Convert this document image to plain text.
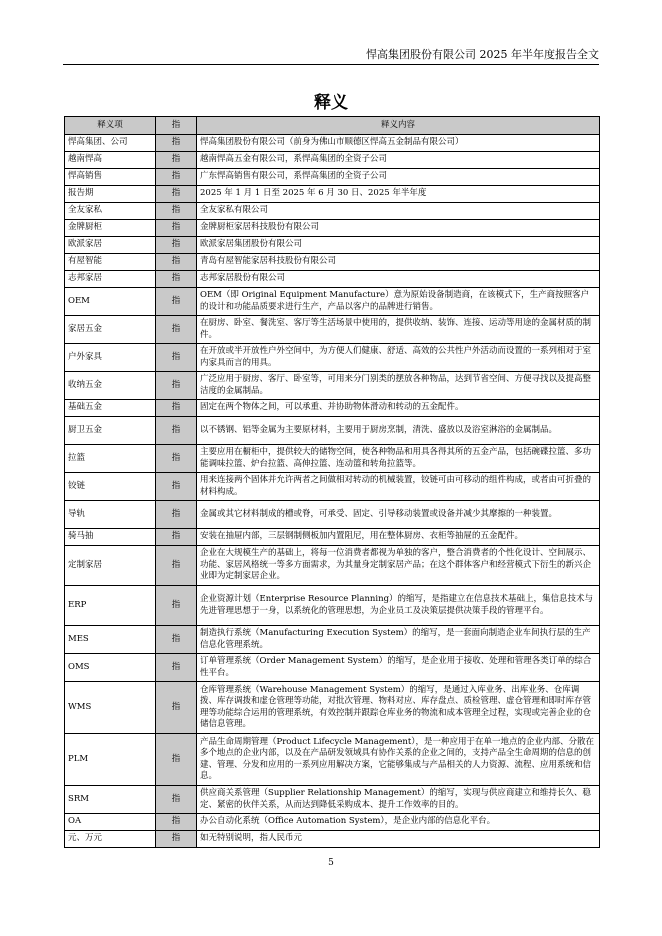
悍高集团股份有限公司 2025 年半年度报告全文
释义
释义项	指	释义内容
悍高集团、公司	指	悍高集团股份有限公司（前身为佛山市顺德区悍高五金制品有限公司）
越南悍高	指	越南悍高五金有限公司，系悍高集团的全资子公司
悍高销售	指	广东悍高销售有限公司，系悍高集团的全资子公司
报告期	指	2025 年 1 月 1 日至 2025 年 6 月 30 日、2025 年半年度
全友家私	指	全友家私有限公司
金牌厨柜	指	金牌厨柜家居科技股份有限公司
欧派家居	指	欧派家居集团股份有限公司
有屋智能	指	青岛有屋智能家居科技股份有限公司
志邦家居	指	志邦家居股份有限公司
OEM	指	OEM（即 Original Equipment Manufacture）意为原始设备制造商，在该模式下，生产商按照客户的设计和功能品质要求进行生产，产品以客户的品牌进行销售。
家居五金	指	在厨房、卧室、餐洗室、客厅等生活场景中使用的，提供收纳、装饰、连接、运动等用途的金属材质的制件。
户外家具	指	在开放或半开放性户外空间中，为方便人们健康、舒适、高效的公共性户外活动而设置的一系列相对于室内家具而言的用具。
收纳五金	指	广泛应用于厨房、客厅、卧室等，可用来分门别类的摆放各种物品，达到节省空间、方便寻找以及提高整洁度的金属制品。
基础五金	指	固定在两个物体之间，可以承重、并协助物体滑动和转动的五金配件。
厨卫五金	指	以不锈钢、铝等金属为主要原材料，主要用于厨房烹制，清洗、盛放以及浴室淋浴的金属制品。
拉篮	指	主要应用在橱柜中，提供较大的储物空间，使各种物品和用具各得其所的五金产品，包括碗碟拉篮、多功能调味拉篮、炉台拉篮、高伸拉篮、连动篮和转角拉篮等。
铰链	指	用来连接两个固体并允许两者之间做相对转动的机械装置，铰链可由可移动的组件构成，或者由可折叠的材料构成。
导轨	指	金属或其它材料制成的槽或脊，可承受、固定、引导移动装置或设备并减少其摩擦的一种装置。
骑马抽	指	安装在抽屉内部，三层钢制侧板加内置阻尼，用在整体厨房、衣柜等抽屉的五金配件。
定制家居	指	企业在大规模生产的基础上，将每一位消费者都视为单独的客户，整合消费者的个性化设计、空间展示、功能、家居风格统一等多方面需求，为其量身定制家居产品；在这个群体客户和经营模式下衍生的新兴企业即为定制家居企业。
ERP	指	企业资源计划（Enterprise Resource Planning）的缩写，是指建立在信息技术基础上，集信息技术与先进管理思想于一身，以系统化的管理思想，为企业员工及决策层提供决策手段的管理平台。
MES	指	制造执行系统（Manufacturing Execution System）的缩写，是一套面向制造企业车间执行层的生产信息化管理系统。
OMS	指	订单管理系统（Order Management System）的缩写，是企业用于接收、处理和管理各类订单的综合性平台。
WMS	指	仓库管理系统（Warehouse Management System）的缩写，是通过入库业务、出库业务、仓库调拨、库存调拨和虚仓管理等功能，对批次管理、物料对应、库存盘点、质检管理、虚仓管理和即时库存管理等功能综合运用的管理系统，有效控制并跟踪仓库业务的物流和成本管理全过程，实现或完善企业的仓储信息管理。
PLM	指	产品生命周期管理（Product Lifecycle Management），是一种应用于在单一地点的企业内部、分散在多个地点的企业内部，以及在产品研发领域具有协作关系的企业之间的，支持产品全生命周期的信息的创建、管理、分发和应用的一系列应用解决方案，它能够集成与产品相关的人力资源、流程、应用系统和信息。
SRM	指	供应商关系管理（Supplier Relationship Management）的缩写，实现与供应商建立和维持长久、稳定、紧密的伙伴关系，从而达到降低采购成本、提升工作效率的目的。
OA	指	办公自动化系统（Office Automation System），是企业内部的信息化平台。
元、万元	指	如无特别说明，指人民币元
5
